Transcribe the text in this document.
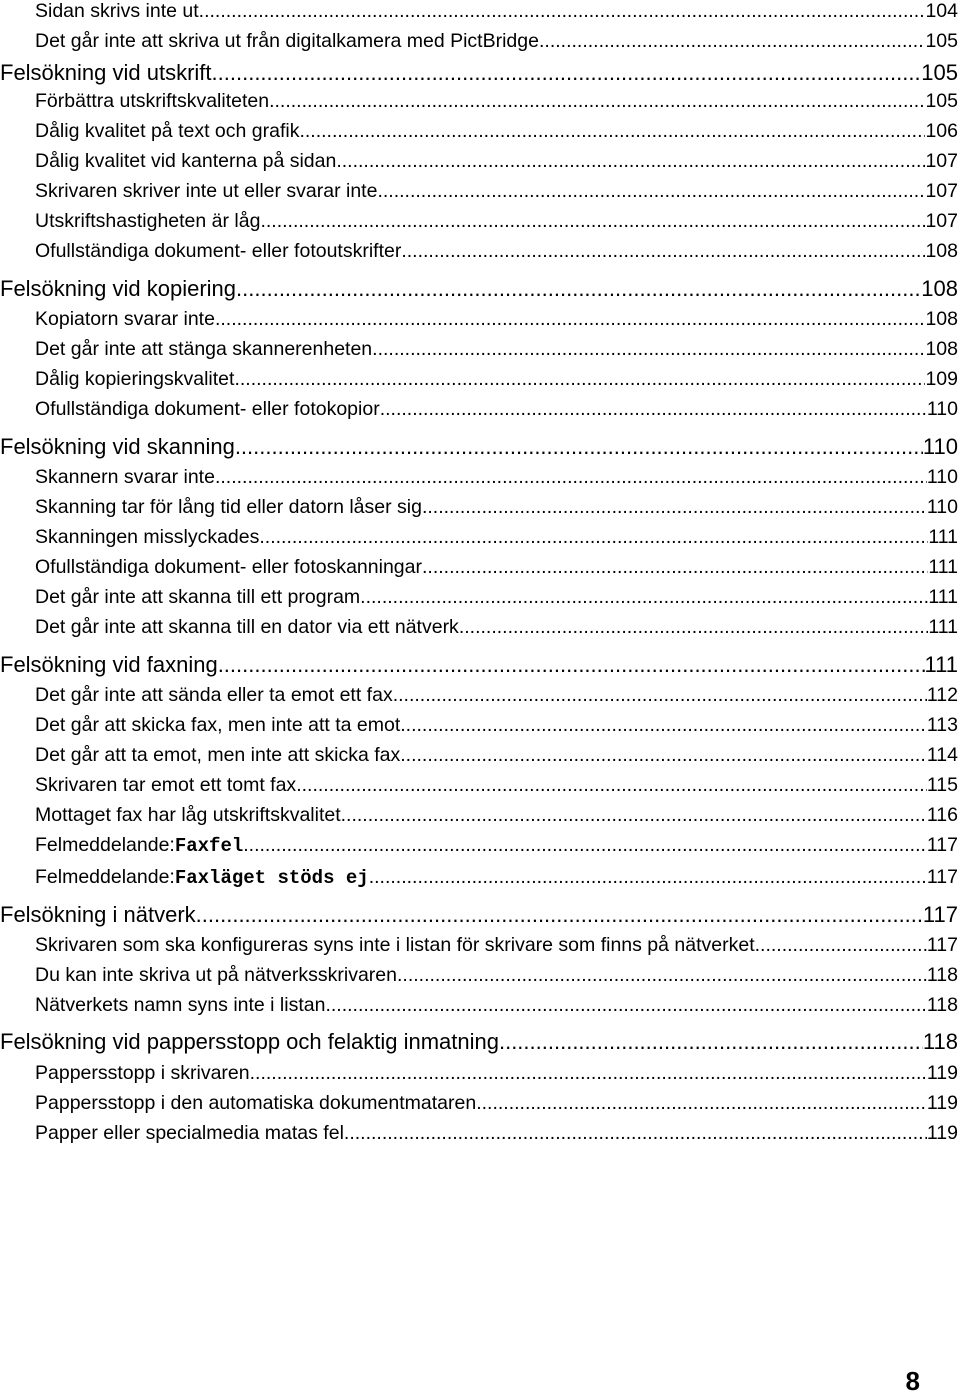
Sidan skrivs inte ut .....	104
Det går inte att skriva ut från digitalkamera med PictBridge .....	105
Felsökning vid utskrift .....	105
Förbättra utskriftskvaliteten .....	105
Dålig kvalitet på text och grafik .....	106
Dålig kvalitet vid kanterna på sidan .....	107
Skrivaren skriver inte ut eller svarar inte .....	107
Utskriftshastigheten är låg .....	107
Ofullständiga dokument- eller fotoutskrifter .....	108
Felsökning vid kopiering .....	108
Kopiatorn svarar inte .....	108
Det går inte att stänga skannerenheten .....	108
Dålig kopieringskvalitet .....	109
Ofullständiga dokument- eller fotokopior .....	110
Felsökning vid skanning .....	110
Skannern svarar inte .....	110
Skanning tar för lång tid eller datorn låser sig .....	110
Skanningen misslyckades .....	111
Ofullständiga dokument- eller fotoskanningar .....	111
Det går inte att skanna till ett program .....	111
Det går inte att skanna till en dator via ett nätverk .....	111
Felsökning vid faxning .....	111
Det går inte att sända eller ta emot ett fax .....	112
Det går att skicka fax, men inte att ta emot .....	113
Det går att ta emot, men inte att skicka fax .....	114
Skrivaren tar emot ett tomt fax .....	115
Mottaget fax har låg utskriftskvalitet .....	116
Felmeddelande: Faxfel .....	117
Felmeddelande: Faxläget stöds ej .....	117
Felsökning i nätverk .....	117
Skrivaren som ska konfigureras syns inte i listan för skrivare som finns på nätverket .....	117
Du kan inte skriva ut på nätverksskrivaren .....	118
Nätverkets namn syns inte i listan .....	118
Felsökning vid pappersstopp och felaktig inmatning .....	118
Pappersstopp i skrivaren .....	119
Pappersstopp i den automatiska dokumentmataren .....	119
Papper eller specialmedia matas fel .....	119
8
